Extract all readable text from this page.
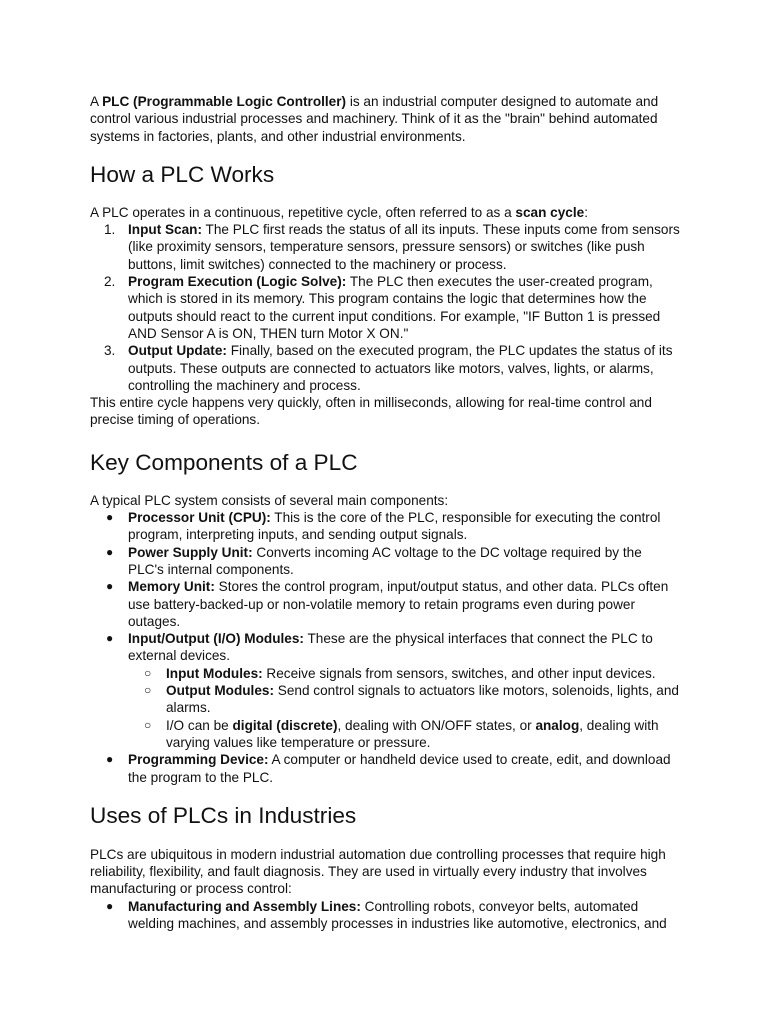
A PLC (Programmable Logic Controller) is an industrial computer designed to automate and control various industrial processes and machinery. Think of it as the "brain" behind automated systems in factories, plants, and other industrial environments.

How a PLC Works

A PLC operates in a continuous, repetitive cycle, often referred to as a scan cycle:

1. Input Scan: The PLC first reads the status of all its inputs. These inputs come from sensors (like proximity sensors, temperature sensors, pressure sensors) or switches (like push buttons, limit switches) connected to the machinery or process.
2. Program Execution (Logic Solve): The PLC then executes the user-created program, which is stored in its memory. This program contains the logic that determines how the outputs should react to the current input conditions. For example, "IF Button 1 is pressed AND Sensor A is ON, THEN turn Motor X ON."
3. Output Update: Finally, based on the executed program, the PLC updates the status of its outputs. These outputs are connected to actuators like motors, valves, lights, or alarms, controlling the machinery and process.

This entire cycle happens very quickly, often in milliseconds, allowing for real-time control and precise timing of operations.

Key Components of a PLC

A typical PLC system consists of several main components:

● Processor Unit (CPU): This is the core of the PLC, responsible for executing the control program, interpreting inputs, and sending output signals.
● Power Supply Unit: Converts incoming AC voltage to the DC voltage required by the PLC's internal components.
● Memory Unit: Stores the control program, input/output status, and other data. PLCs often use battery-backed-up or non-volatile memory to retain programs even during power outages.
● Input/Output (I/O) Modules: These are the physical interfaces that connect the PLC to external devices.
○ Input Modules: Receive signals from sensors, switches, and other input devices.
○ Output Modules: Send control signals to actuators like motors, solenoids, lights, and alarms.
○ I/O can be digital (discrete), dealing with ON/OFF states, or analog, dealing with varying values like temperature or pressure.
● Programming Device: A computer or handheld device used to create, edit, and download the program to the PLC.
Uses of PLCs in Industries

PLCs are ubiquitous in modern industrial automation due controlling processes that require high reliability, flexibility, and fault diagnosis. They are used in virtually every industry that involves manufacturing or process control:

● Manufacturing and Assembly Lines: Controlling robots, conveyor belts, automated welding machines, and assembly processes in industries like automotive, electronics, and
